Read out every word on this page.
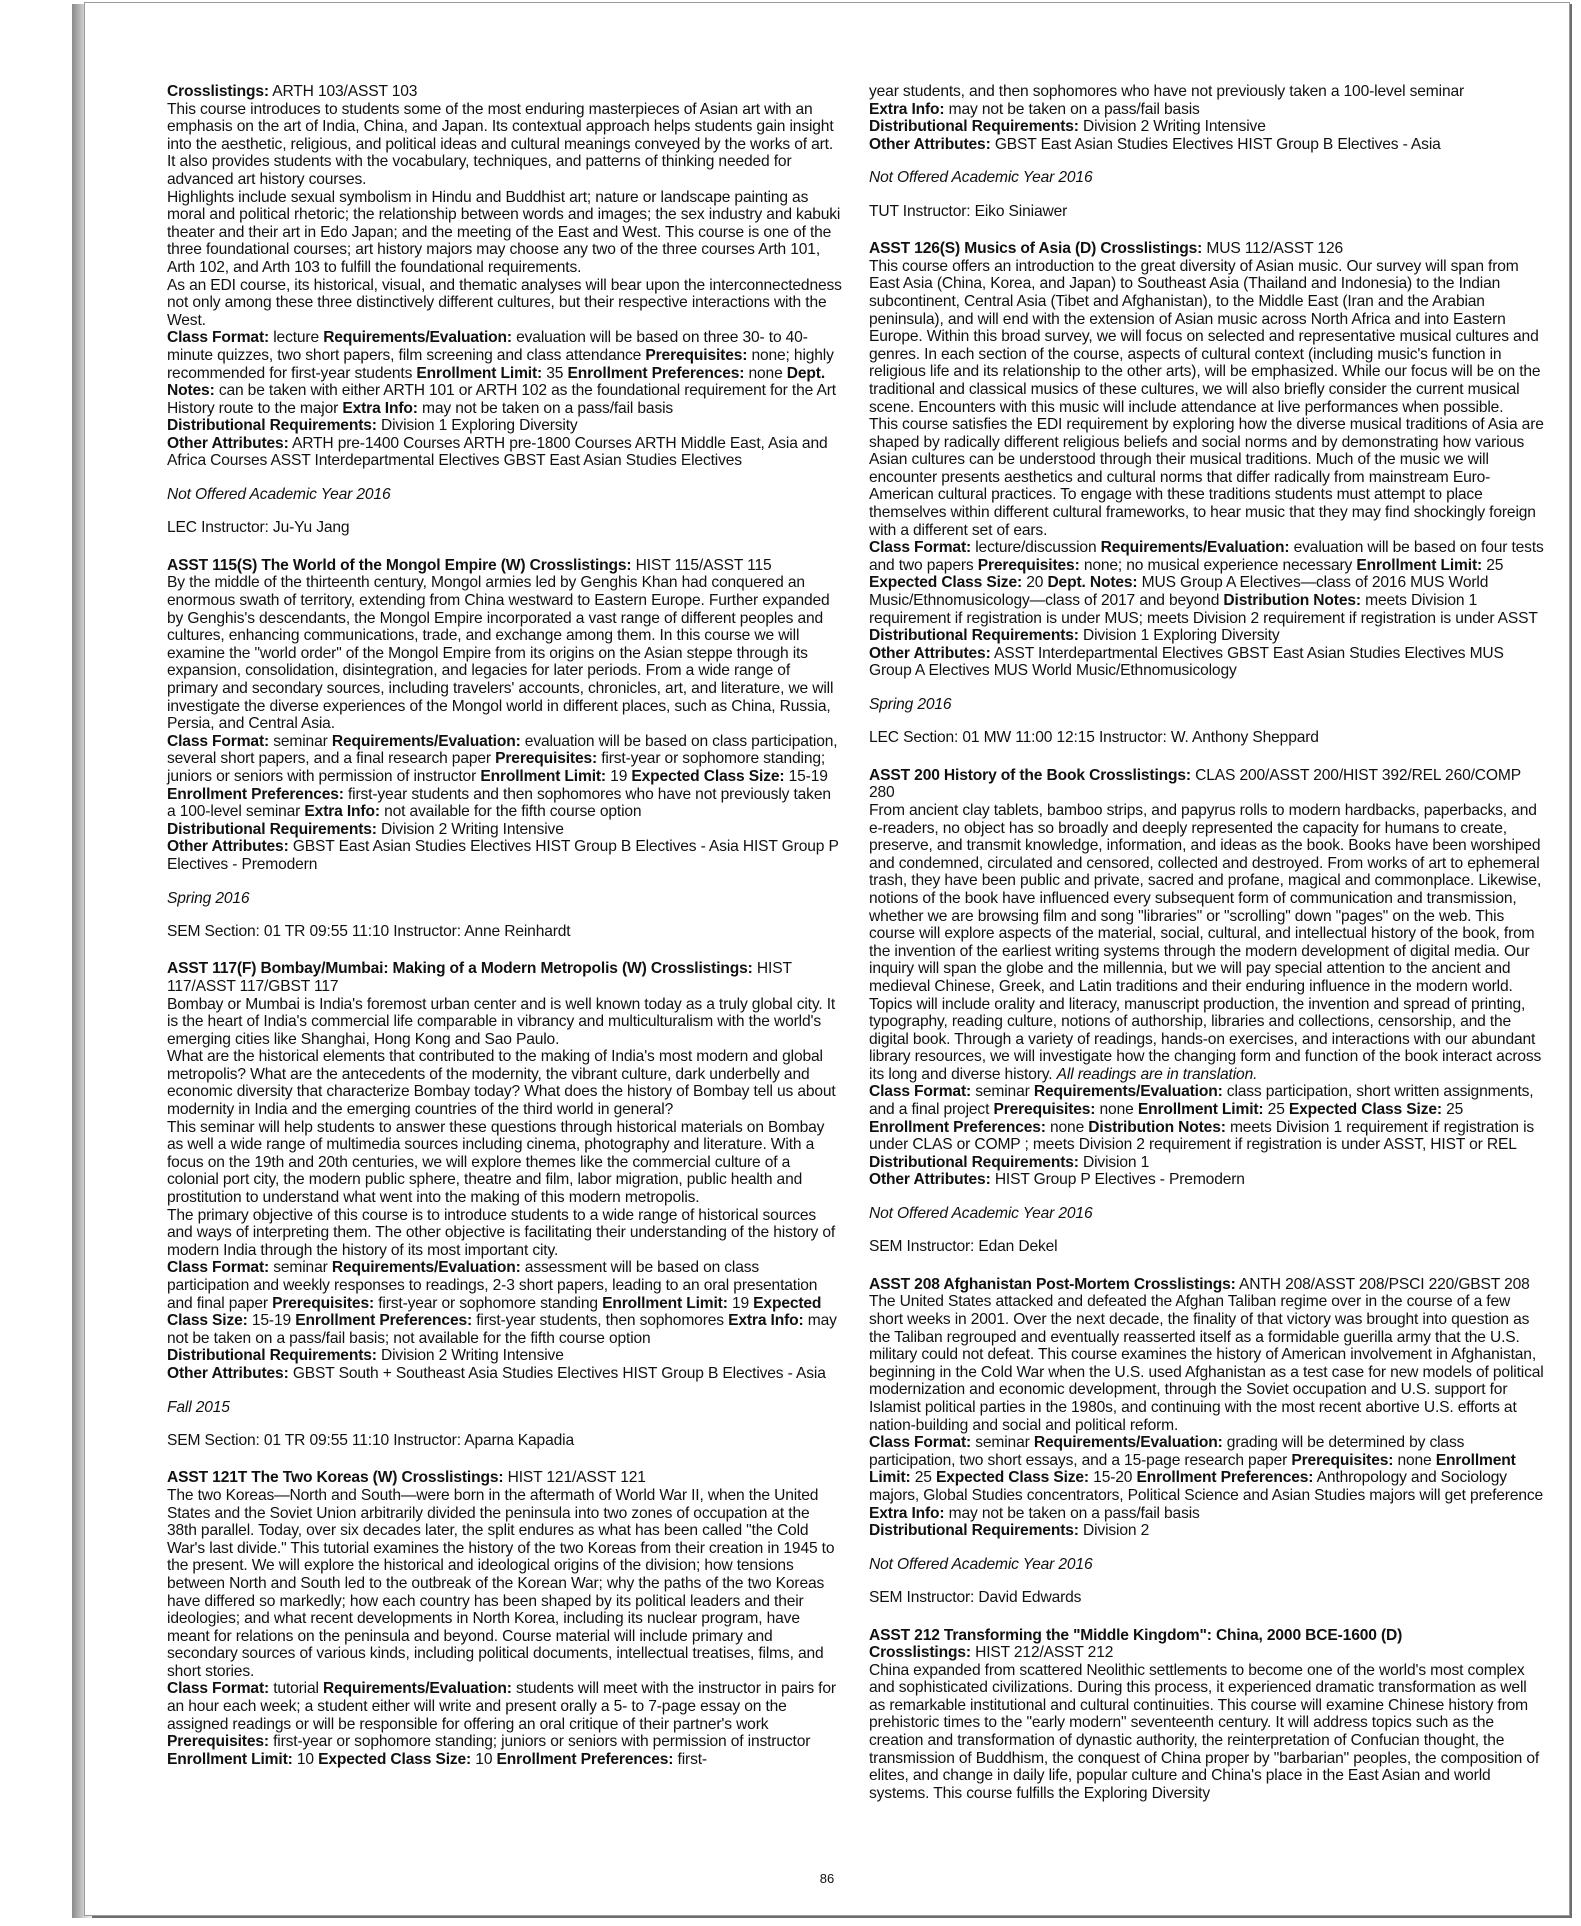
Crosslistings: ARTH 103/ASST 103

This course introduces to students some of the most enduring masterpieces of Asian art with an emphasis on the art of India, China, and Japan. Its contextual approach helps students gain insight into the aesthetic, religious, and political ideas and cultural meanings conveyed by the works of art. It also provides students with the vocabulary, techniques, and patterns of thinking needed for advanced art history courses.

Highlights include sexual symbolism in Hindu and Buddhist art; nature or landscape painting as moral and political rhetoric; the relationship between words and images; the sex industry and kabuki theater and their art in Edo Japan; and the meeting of the East and West. This course is one of the three foundational courses; art history majors may choose any two of the three courses Arth 101, Arth 102, and Arth 103 to fulfill the foundational requirements.

As an EDI course, its historical, visual, and thematic analyses will bear upon the interconnectedness not only among these three distinctively different cultures, but their respective interactions with the West.

Class Format: lecture Requirements/Evaluation: evaluation will be based on three 30- to 40-minute quizzes, two short papers, film screening and class attendance Prerequisites: none; highly recommended for first-year students Enrollment Limit: 35 Enrollment Preferences: none Dept. Notes: can be taken with either ARTH 101 or ARTH 102 as the foundational requirement for the Art History route to the major Extra Info: may not be taken on a pass/fail basis

Distributional Requirements: Division 1 Exploring Diversity

Other Attributes: ARTH pre-1400 Courses ARTH pre-1800 Courses ARTH Middle East, Asia and Africa Courses ASST Interdepartmental Electives GBST East Asian Studies Electives

Not Offered Academic Year 2016

LEC Instructor: Ju-Yu Jang

ASST 115(S) The World of the Mongol Empire (W) Crosslistings: HIST 115/ASST 115

By the middle of the thirteenth century, Mongol armies led by Genghis Khan had conquered an enormous swath of territory, extending from China westward to Eastern Europe. Further expanded by Genghis's descendants, the Mongol Empire incorporated a vast range of different peoples and cultures, enhancing communications, trade, and exchange among them. In this course we will examine the "world order" of the Mongol Empire from its origins on the Asian steppe through its expansion, consolidation, disintegration, and legacies for later periods. From a wide range of primary and secondary sources, including travelers' accounts, chronicles, art, and literature, we will investigate the diverse experiences of the Mongol world in different places, such as China, Russia, Persia, and Central Asia.

Class Format: seminar Requirements/Evaluation: evaluation will be based on class participation, several short papers, and a final research paper Prerequisites: first-year or sophomore standing; juniors or seniors with permission of instructor Enrollment Limit: 19 Expected Class Size: 15-19 Enrollment Preferences: first-year students and then sophomores who have not previously taken a 100-level seminar Extra Info: not available for the fifth course option

Distributional Requirements: Division 2 Writing Intensive

Other Attributes: GBST East Asian Studies Electives HIST Group B Electives - Asia HIST Group P Electives - Premodern

Spring 2016

SEM Section: 01 TR 09:55 11:10 Instructor: Anne Reinhardt

ASST 117(F) Bombay/Mumbai: Making of a Modern Metropolis (W) Crosslistings: HIST 117/ASST 117/GBST 117

Bombay or Mumbai is India's foremost urban center and is well known today as a truly global city. It is the heart of India's commercial life comparable in vibrancy and multiculturalism with the world's emerging cities like Shanghai, Hong Kong and Sao Paulo.

What are the historical elements that contributed to the making of India's most modern and global metropolis? What are the antecedents of the modernity, the vibrant culture, dark underbelly and economic diversity that characterize Bombay today? What does the history of Bombay tell us about modernity in India and the emerging countries of the third world in general?

This seminar will help students to answer these questions through historical materials on Bombay as well a wide range of multimedia sources including cinema, photography and literature. With a focus on the 19th and 20th centuries, we will explore themes like the commercial culture of a colonial port city, the modern public sphere, theatre and film, labor migration, public health and prostitution to understand what went into the making of this modern metropolis.

The primary objective of this course is to introduce students to a wide range of historical sources and ways of interpreting them. The other objective is facilitating their understanding of the history of modern India through the history of its most important city.

Class Format: seminar Requirements/Evaluation: assessment will be based on class participation and weekly responses to readings, 2-3 short papers, leading to an oral presentation and final paper Prerequisites: first-year or sophomore standing Enrollment Limit: 19 Expected Class Size: 15-19 Enrollment Preferences: first-year students, then sophomores Extra Info: may not be taken on a pass/fail basis; not available for the fifth course option

Distributional Requirements: Division 2 Writing Intensive

Other Attributes: GBST South + Southeast Asia Studies Electives HIST Group B Electives - Asia

Fall 2015

SEM Section: 01 TR 09:55 11:10 Instructor: Aparna Kapadia

ASST 121T The Two Koreas (W) Crosslistings: HIST 121/ASST 121

The two Koreas—North and South—were born in the aftermath of World War II, when the United States and the Soviet Union arbitrarily divided the peninsula into two zones of occupation at the 38th parallel. Today, over six decades later, the split endures as what has been called "the Cold War's last divide." This tutorial examines the history of the two Koreas from their creation in 1945 to the present. We will explore the historical and ideological origins of the division; how tensions between North and South led to the outbreak of the Korean War; why the paths of the two Koreas have differed so markedly; how each country has been shaped by its political leaders and their ideologies; and what recent developments in North Korea, including its nuclear program, have meant for relations on the peninsula and beyond. Course material will include primary and secondary sources of various kinds, including political documents, intellectual treatises, films, and short stories.

Class Format: tutorial Requirements/Evaluation: students will meet with the instructor in pairs for an hour each week; a student either will write and present orally a 5- to 7-page essay on the assigned readings or will be responsible for offering an oral critique of their partner's work Prerequisites: first-year or sophomore standing; juniors or seniors with permission of instructor Enrollment Limit: 10 Expected Class Size: 10 Enrollment Preferences: first-

year students, and then sophomores who have not previously taken a 100-level seminar

Extra Info: may not be taken on a pass/fail basis

Distributional Requirements: Division 2 Writing Intensive

Other Attributes: GBST East Asian Studies Electives HIST Group B Electives - Asia

Not Offered Academic Year 2016

TUT Instructor: Eiko Siniawer

ASST 126(S) Musics of Asia (D) Crosslistings: MUS 112/ASST 126

This course offers an introduction to the great diversity of Asian music. Our survey will span from East Asia (China, Korea, and Japan) to Southeast Asia (Thailand and Indonesia) to the Indian subcontinent, Central Asia (Tibet and Afghanistan), to the Middle East (Iran and the Arabian peninsula), and will end with the extension of Asian music across North Africa and into Eastern Europe. Within this broad survey, we will focus on selected and representative musical cultures and genres. In each section of the course, aspects of cultural context (including music's function in religious life and its relationship to the other arts), will be emphasized. While our focus will be on the traditional and classical musics of these cultures, we will also briefly consider the current musical scene. Encounters with this music will include attendance at live performances when possible.

This course satisfies the EDI requirement by exploring how the diverse musical traditions of Asia are shaped by radically different religious beliefs and social norms and by demonstrating how various Asian cultures can be understood through their musical traditions. Much of the music we will encounter presents aesthetics and cultural norms that differ radically from mainstream Euro-American cultural practices. To engage with these traditions students must attempt to place themselves within different cultural frameworks, to hear music that they may find shockingly foreign with a different set of ears.

Class Format: lecture/discussion Requirements/Evaluation: evaluation will be based on four tests and two papers Prerequisites: none; no musical experience necessary Enrollment Limit: 25 Expected Class Size: 20 Dept. Notes: MUS Group A Electives—class of 2016 MUS World Music/Ethnomusicology—class of 2017 and beyond Distribution Notes: meets Division 1 requirement if registration is under MUS; meets Division 2 requirement if registration is under ASST

Distributional Requirements: Division 1 Exploring Diversity

Other Attributes: ASST Interdepartmental Electives GBST East Asian Studies Electives MUS Group A Electives MUS World Music/Ethnomusicology

Spring 2016

LEC Section: 01 MW 11:00 12:15 Instructor: W. Anthony Sheppard

ASST 200 History of the Book Crosslistings: CLAS 200/ASST 200/HIST 392/REL 260/COMP 280

From ancient clay tablets, bamboo strips, and papyrus rolls to modern hardbacks, paperbacks, and e-readers, no object has so broadly and deeply represented the capacity for humans to create, preserve, and transmit knowledge, information, and ideas as the book. Books have been worshiped and condemned, circulated and censored, collected and destroyed. From works of art to ephemeral trash, they have been public and private, sacred and profane, magical and commonplace. Likewise, notions of the book have influenced every subsequent form of communication and transmission, whether we are browsing film and song "libraries" or "scrolling" down "pages" on the web. This course will explore aspects of the material, social, cultural, and intellectual history of the book, from the invention of the earliest writing systems through the modern development of digital media. Our inquiry will span the globe and the millennia, but we will pay special attention to the ancient and medieval Chinese, Greek, and Latin traditions and their enduring influence in the modern world. Topics will include orality and literacy, manuscript production, the invention and spread of printing, typography, reading culture, notions of authorship, libraries and collections, censorship, and the digital book. Through a variety of readings, hands-on exercises, and interactions with our abundant library resources, we will investigate how the changing form and function of the book interact across its long and diverse history. All readings are in translation.

Class Format: seminar Requirements/Evaluation: class participation, short written assignments, and a final project Prerequisites: none Enrollment Limit: 25 Expected Class Size: 25 Enrollment Preferences: none Distribution Notes: meets Division 1 requirement if registration is under CLAS or COMP ; meets Division 2 requirement if registration is under ASST, HIST or REL

Distributional Requirements: Division 1

Other Attributes: HIST Group P Electives - Premodern

Not Offered Academic Year 2016

SEM Instructor: Edan Dekel

ASST 208 Afghanistan Post-Mortem Crosslistings: ANTH 208/ASST 208/PSCI 220/GBST 208

The United States attacked and defeated the Afghan Taliban regime over in the course of a few short weeks in 2001. Over the next decade, the finality of that victory was brought into question as the Taliban regrouped and eventually reasserted itself as a formidable guerilla army that the U.S. military could not defeat. This course examines the history of American involvement in Afghanistan, beginning in the Cold War when the U.S. used Afghanistan as a test case for new models of political modernization and economic development, through the Soviet occupation and U.S. support for Islamist political parties in the 1980s, and continuing with the most recent abortive U.S. efforts at nation-building and social and political reform.

Class Format: seminar Requirements/Evaluation: grading will be determined by class participation, two short essays, and a 15-page research paper Prerequisites: none Enrollment Limit: 25 Expected Class Size: 15-20 Enrollment Preferences: Anthropology and Sociology majors, Global Studies concentrators, Political Science and Asian Studies majors will get preference Extra Info: may not be taken on a pass/fail basis

Distributional Requirements: Division 2

Not Offered Academic Year 2016

SEM Instructor: David Edwards

ASST 212 Transforming the "Middle Kingdom": China, 2000 BCE-1600 (D)

Crosslistings: HIST 212/ASST 212

China expanded from scattered Neolithic settlements to become one of the world's most complex and sophisticated civilizations. During this process, it experienced dramatic transformation as well as remarkable institutional and cultural continuities. This course will examine Chinese history from prehistoric times to the "early modern" seventeenth century. It will address topics such as the creation and transformation of dynastic authority, the reinterpretation of Confucian thought, the transmission of Buddhism, the conquest of China proper by "barbarian" peoples, the composition of elites, and change in daily life, popular culture and China's place in the East Asian and world systems. This course fulfills the Exploring Diversity

86
